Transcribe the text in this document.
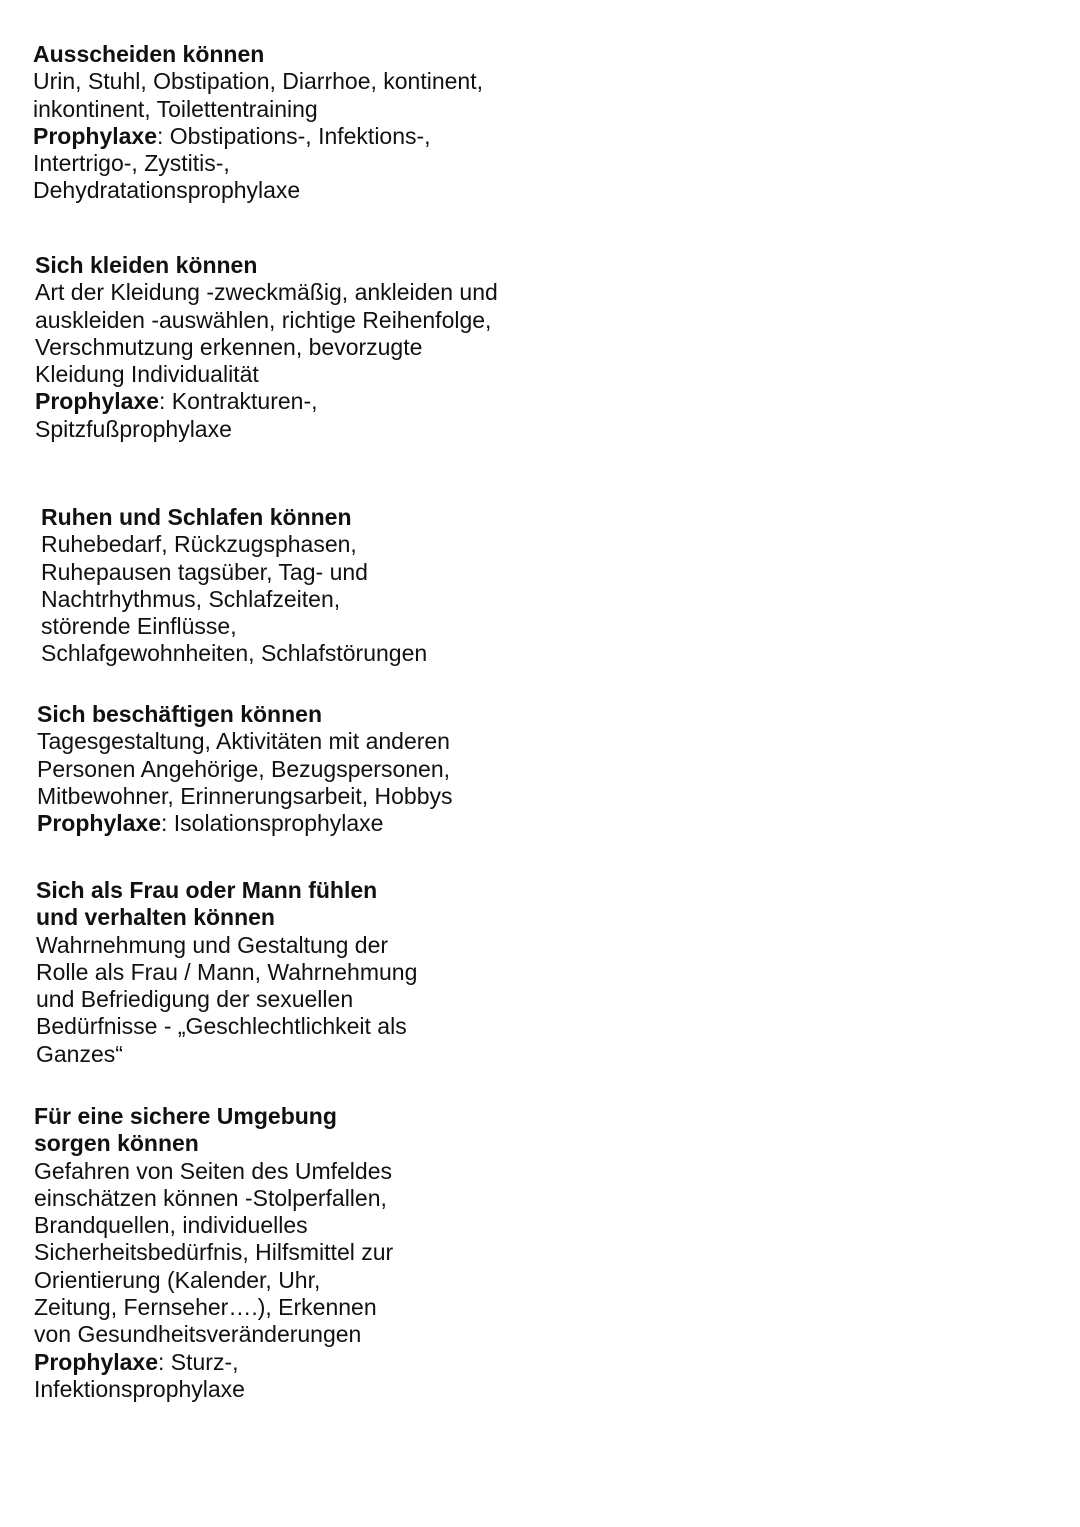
Ausscheiden können
Urin, Stuhl, Obstipation, Diarrhoe, kontinent,
inkontinent, Toilettentraining
Prophylaxe: Obstipations-, Infektions-,
Intertrigo-, Zystitis-,
Dehydratationsprophylaxe
Sich kleiden können
Art der Kleidung -zweckmäßig, ankleiden und
auskleiden -auswählen, richtige Reihenfolge,
Verschmutzung erkennen, bevorzugte
Kleidung Individualität
Prophylaxe: Kontrakturen-,
Spitzfußprophylaxe
Ruhen und Schlafen können
Ruhebedarf, Rückzugsphasen,
Ruhepausen tagsüber, Tag- und
Nachtrhythmus, Schlafzeiten,
störende Einflüsse,
Schlafgewohnheiten, Schlafstörungen
Sich beschäftigen können
Tagesgestaltung, Aktivitäten mit anderen
Personen Angehörige, Bezugspersonen,
Mitbewohner, Erinnerungsarbeit, Hobbys
Prophylaxe: Isolationsprophylaxe
Sich als Frau oder Mann fühlen
und verhalten können
Wahrnehmung und Gestaltung der
Rolle als Frau / Mann, Wahrnehmung
und Befriedigung der sexuellen
Bedürfnisse - „Geschlechtlichkeit als
Ganzes“
Für eine sichere Umgebung
sorgen können
Gefahren von Seiten des Umfeldes
einschätzen können -Stolperfallen,
Brandquellen, individuelles
Sicherheitsbedürfnis, Hilfsmittel zur
Orientierung (Kalender, Uhr,
Zeitung, Fernseher….), Erkennen
von Gesundheitsveränderungen
Prophylaxe: Sturz-,
Infektionsprophylaxe
